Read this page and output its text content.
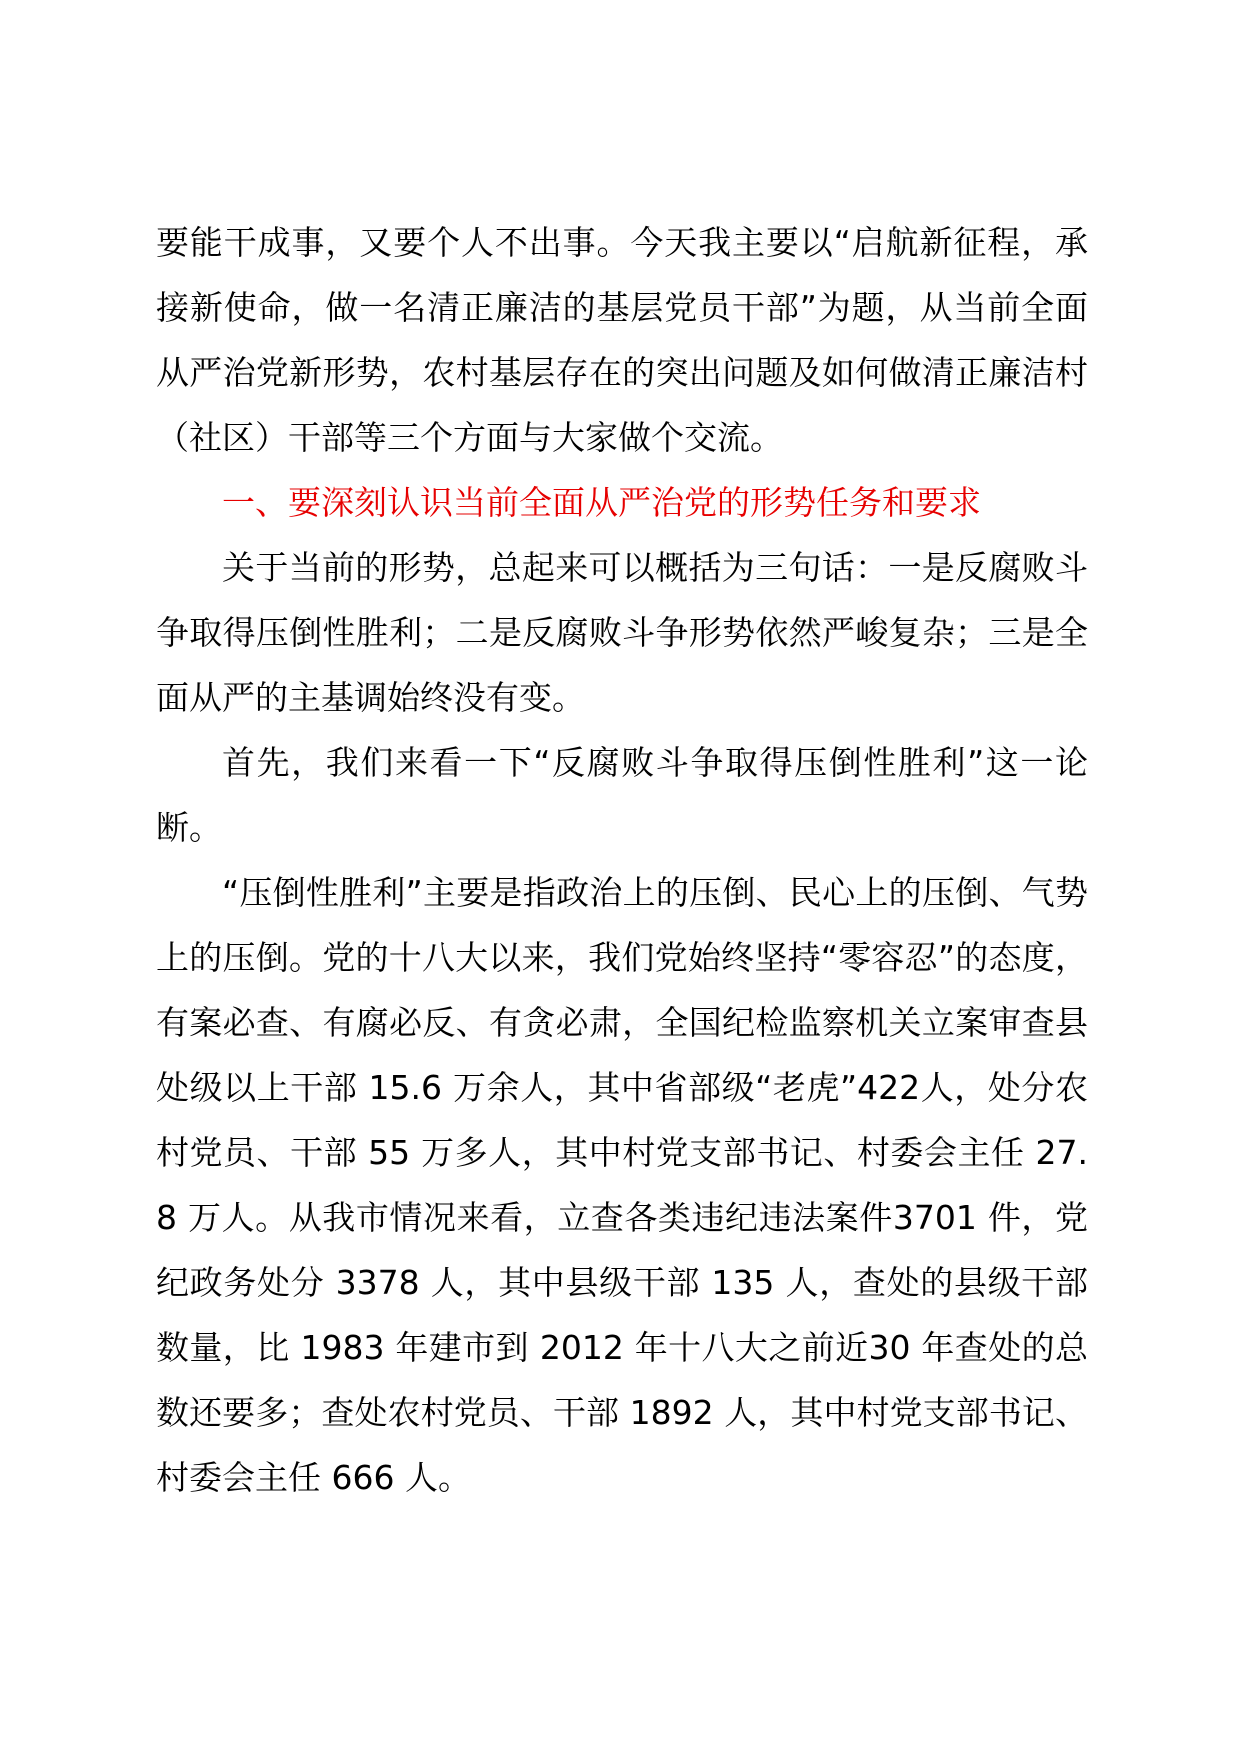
要能干成事，又要个人不出事。今天我主要以“启航新征程，承接新使命，做一名清正廉洁的基层党员干部”为题，从当前全面从严治党新形势，农村基层存在的突出问题及如何做清正廉洁村（社区）干部等三个方面与大家做个交流。

一、要深刻认识当前全面从严治党的形势任务和要求

关于当前的形势，总起来可以概括为三句话：一是反腐败斗争取得压倒性胜利；二是反腐败斗争形势依然严峻复杂；三是全面从严的主基调始终没有变。

首先，我们来看一下“反腐败斗争取得压倒性胜利”这一论断。

“压倒性胜利”主要是指政治上的压倒、民心上的压倒、气势上的压倒。党的十八大以来，我们党始终坚持“零容忍”的态度，有案必查、有腐必反、有贪必肃，全国纪检监察机关立案审查县处级以上干部 15.6 万余人，其中省部级“老虎”422人，处分农村党员、干部 55 万多人，其中村党支部书记、村委会主任 27.8 万人。从我市情况来看，立查各类违纪违法案件3701 件，党纪政务处分 3378 人，其中县级干部 135 人，查处的县级干部数量，比 1983 年建市到 2012 年十八大之前近30 年查处的总数还要多；查处农村党员、干部 1892 人，其中村党支部书记、村委会主任 666 人。
